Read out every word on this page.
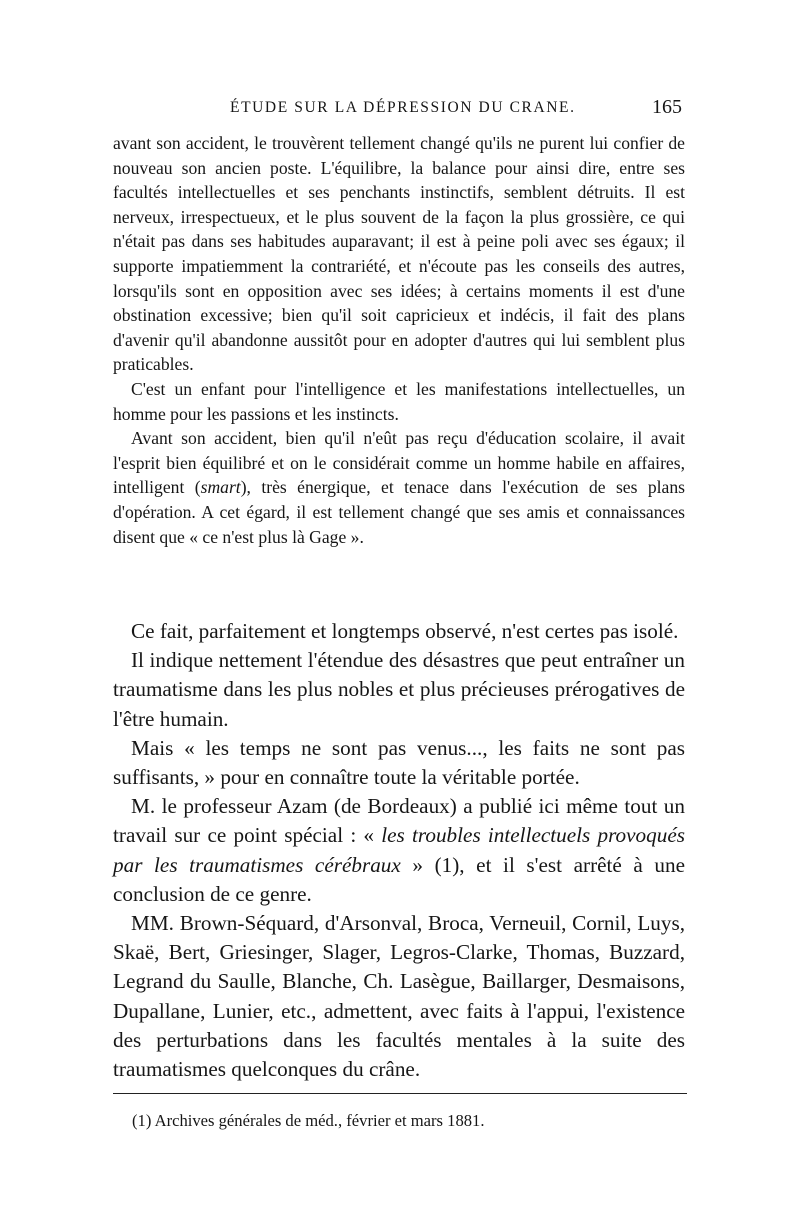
ÉTUDE SUR LA DÉPRESSION DU CRANE.	165

avant son accident, le trouvèrent tellement changé qu'ils ne purent lui confier de nouveau son ancien poste. L'équilibre, la balance pour ainsi dire, entre ses facultés intellectuelles et ses penchants instinctifs, semblent détruits. Il est nerveux, irrespectueux, et le plus souvent de la façon la plus grossière, ce qui n'était pas dans ses habitudes auparavant; il est à peine poli avec ses égaux; il supporte impatiemment la contrariété, et n'écoute pas les conseils des autres, lorsqu'ils sont en opposition avec ses idées; à certains moments il est d'une obstination excessive; bien qu'il soit capricieux et indécis, il fait des plans d'avenir qu'il abandonne aussitôt pour en adopter d'autres qui lui semblent plus praticables.

C'est un enfant pour l'intelligence et les manifestations intellectuelles, un homme pour les passions et les instincts.

Avant son accident, bien qu'il n'eût pas reçu d'éducation scolaire, il avait l'esprit bien équilibré et on le considérait comme un homme habile en affaires, intelligent (smart), très énergique, et tenace dans l'exécution de ses plans d'opération. A cet égard, il est tellement changé que ses amis et connaissances disent que « ce n'est plus là Gage ».

Ce fait, parfaitement et longtemps observé, n'est certes pas isolé.

Il indique nettement l'étendue des désastres que peut entraîner un traumatisme dans les plus nobles et plus précieuses prérogatives de l'être humain.

Mais « les temps ne sont pas venus..., les faits ne sont pas suffisants, » pour en connaître toute la véritable portée.

M. le professeur Azam (de Bordeaux) a publié ici même tout un travail sur ce point spécial : « les troubles intellectuels provoqués par les traumatismes cérébraux » (1), et il s'est arrêté à une conclusion de ce genre.

MM. Brown-Séquard, d'Arsonval, Broca, Verneuil, Cornil, Luys, Skaë, Bert, Griesinger, Slager, Legros-Clarke, Thomas, Buzzard, Legrand du Saulle, Blanche, Ch. Lasègue, Baillarger, Desmaisons, Dupallane, Lunier, etc., admettent, avec faits à l'appui, l'existence des perturbations dans les facultés mentales à la suite des traumatismes quelconques du crâne.

(1) Archives générales de méd., février et mars 1881.
